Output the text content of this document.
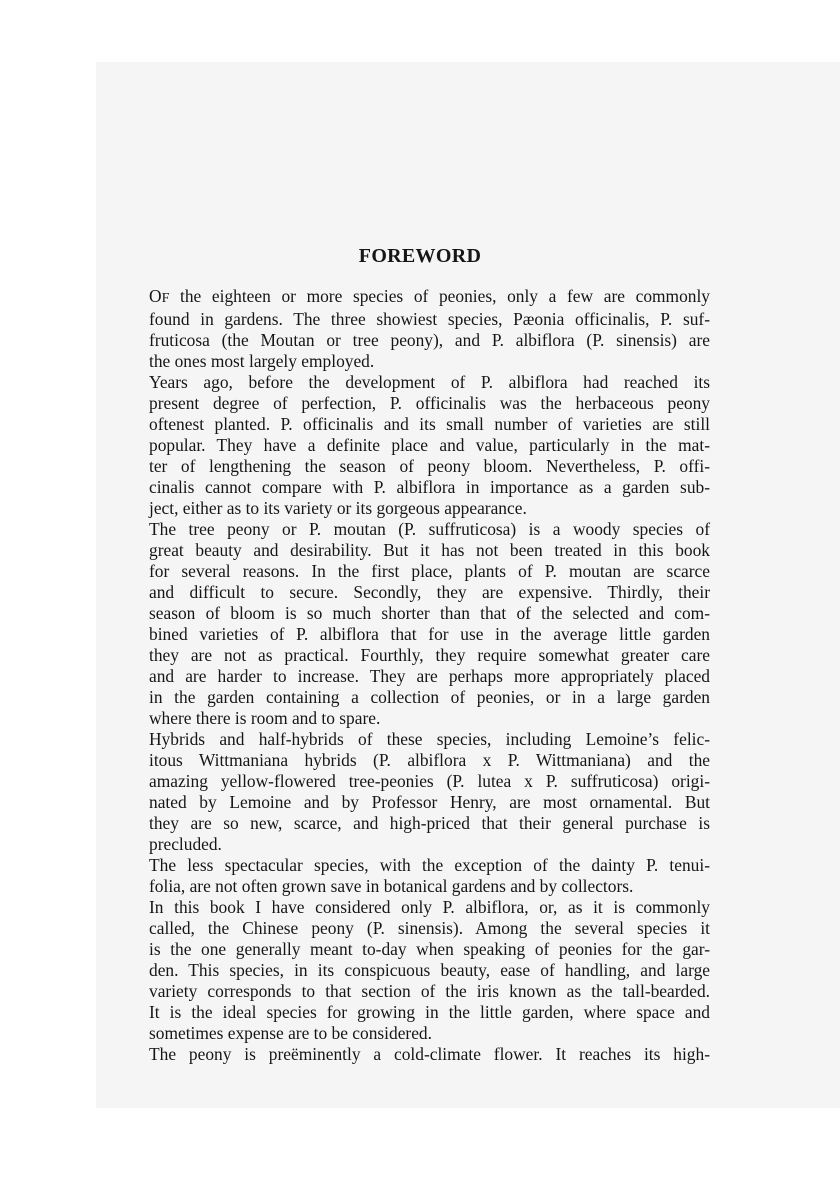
FOREWORD
OF the eighteen or more species of peonies, only a few are commonly
found in gardens. The three showiest species, Pæonia officinalis, P. suf-
fruticosa (the Moutan or tree peony), and P. albiflora (P. sinensis) are
the ones most largely employed.
Years ago, before the development of P. albiflora had reached its
present degree of perfection, P. officinalis was the herbaceous peony
oftenest planted. P. officinalis and its small number of varieties are still
popular. They have a definite place and value, particularly in the mat-
ter of lengthening the season of peony bloom. Nevertheless, P. offi-
cinalis cannot compare with P. albiflora in importance as a garden sub-
ject, either as to its variety or its gorgeous appearance.
The tree peony or P. moutan (P. suffruticosa) is a woody species of
great beauty and desirability. But it has not been treated in this book
for several reasons. In the first place, plants of P. moutan are scarce
and difficult to secure. Secondly, they are expensive. Thirdly, their
season of bloom is so much shorter than that of the selected and com-
bined varieties of P. albiflora that for use in the average little garden
they are not as practical. Fourthly, they require somewhat greater care
and are harder to increase. They are perhaps more appropriately placed
in the garden containing a collection of peonies, or in a large garden
where there is room and to spare.
Hybrids and half-hybrids of these species, including Lemoine’s felic-
itous Wittmaniana hybrids (P. albiflora x P. Wittmaniana) and the
amazing yellow-flowered tree-peonies (P. lutea x P. suffruticosa) origi-
nated by Lemoine and by Professor Henry, are most ornamental. But
they are so new, scarce, and high-priced that their general purchase is
precluded.
The less spectacular species, with the exception of the dainty P. tenui-
folia, are not often grown save in botanical gardens and by collectors.
In this book I have considered only P. albiflora, or, as it is commonly
called, the Chinese peony (P. sinensis). Among the several species it
is the one generally meant to-day when speaking of peonies for the gar-
den. This species, in its conspicuous beauty, ease of handling, and large
variety corresponds to that section of the iris known as the tall-bearded.
It is the ideal species for growing in the little garden, where space and
sometimes expense are to be considered.
The peony is preëminently a cold-climate flower. It reaches its high-
